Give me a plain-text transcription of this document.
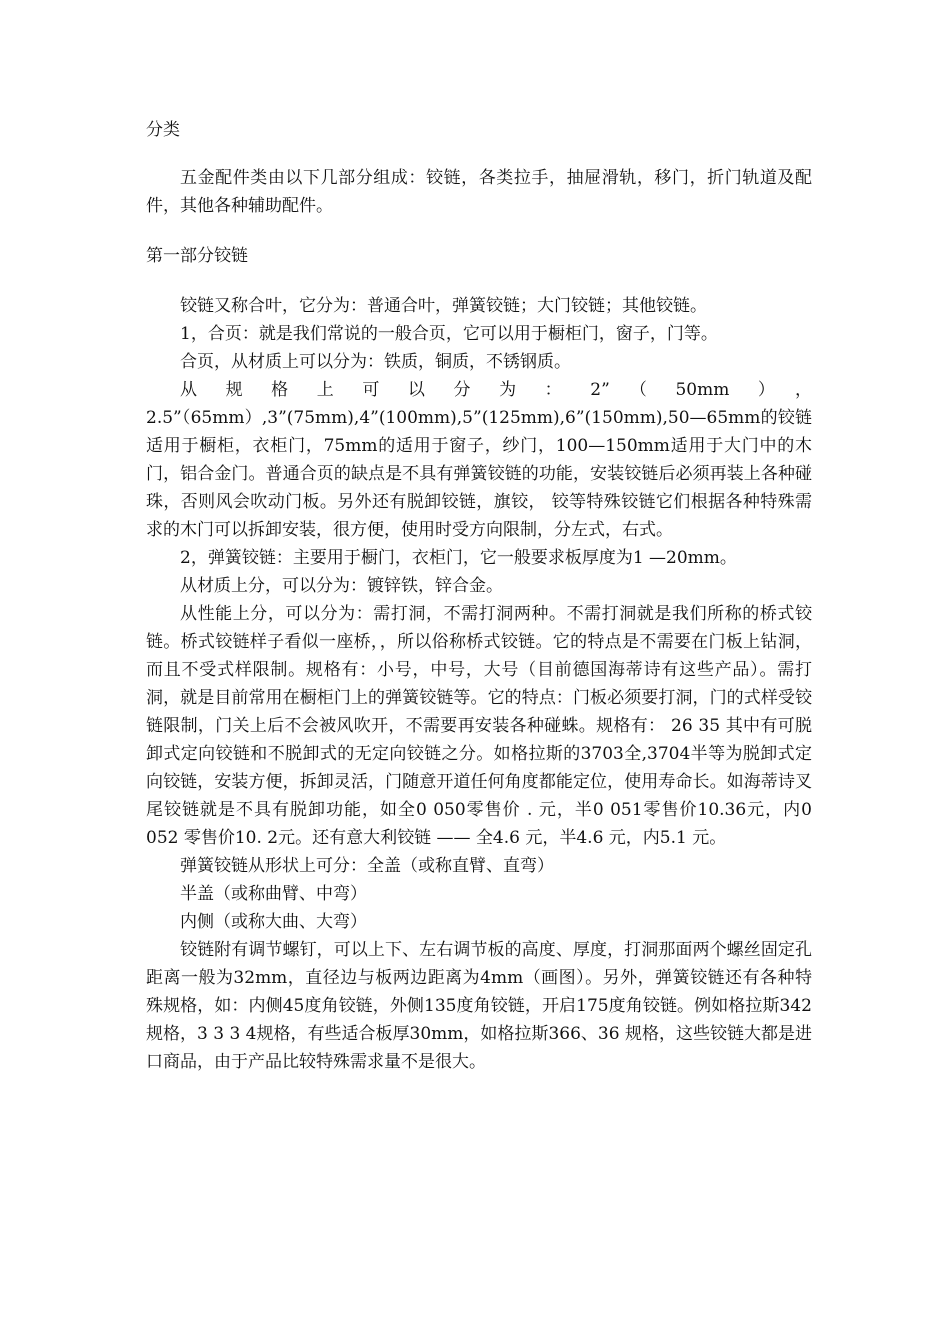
分类

五金配件类由以下几部分组成：铰链，各类拉手，抽屉滑轨，移门，折门轨道及配件，其他各种辅助配件。

第一部分铰链

铰链又称合叶，它分为：普通合叶，弹簧铰链；大门铰链；其他铰链。

1，合页：就是我们常说的一般合页，它可以用于橱柜门，窗子，门等。

合页，从材质上可以分为：铁质，铜质，不锈钢质。

从规格上可以分为：2”（50mm），2.5”（65mm）,3”(75mm),4”(100mm),5”(125mm),6”(150mm),50—65mm的铰链适用于橱柜，衣柜门，75mm的适用于窗子，纱门，100—150mm适用于大门中的木门，铝合金门。普通合页的缺点是不具有弹簧铰链的功能，安装铰链后必须再装上各种碰珠，否则风会吹动门板。另外还有脱卸铰链，旗铰， 铰等特殊铰链它们根据各种特殊需求的木门可以拆卸安装，很方便，使用时受方向限制，分左式，右式。

2，弹簧铰链：主要用于橱门，衣柜门，它一般要求板厚度为1 —20mm。

从材质上分，可以分为：镀锌铁，锌合金。

从性能上分，可以分为：需打洞，不需打洞两种。不需打洞就是我们所称的桥式铰链。桥式铰链样子看似一座桥，，所以俗称桥式铰链。它的特点是不需要在门板上钻洞，而且不受式样限制。规格有：小号，中号，大号（目前德国海蒂诗有这些产品）。需打洞，就是目前常用在橱柜门上的弹簧铰链等。它的特点：门板必须要打洞，门的式样受铰链限制，门关上后不会被风吹开，不需要再安装各种碰蛛。规格有： 26 35 其中有可脱卸式定向铰链和不脱卸式的无定向铰链之分。如格拉斯的3703全,3704半等为脱卸式定向铰链，安装方便，拆卸灵活，门随意开道任何角度都能定位，使用寿命长。如海蒂诗叉尾铰链就是不具有脱卸功能，如全0 050零售价 . 元，半0 051零售价10.36元，内0 052 零售价10. 2元。还有意大利铰链 —— 全4.6 元，半4.6 元，内5.1 元。

弹簧铰链从形状上可分：全盖（或称直臂、直弯）

半盖（或称曲臂、中弯）

内侧（或称大曲、大弯）

铰链附有调节螺钉，可以上下、左右调节板的高度、厚度，打洞那面两个螺丝固定孔距离一般为32mm，直径边与板两边距离为4mm（画图）。另外，弹簧铰链还有各种特殊规格，如：内侧45度角铰链，外侧135度角铰链，开启175度角铰链。例如格拉斯342规格，3 3 3 4规格，有些适合板厚30mm，如格拉斯366、36 规格，这些铰链大都是进口商品，由于产品比较特殊需求量不是很大。
